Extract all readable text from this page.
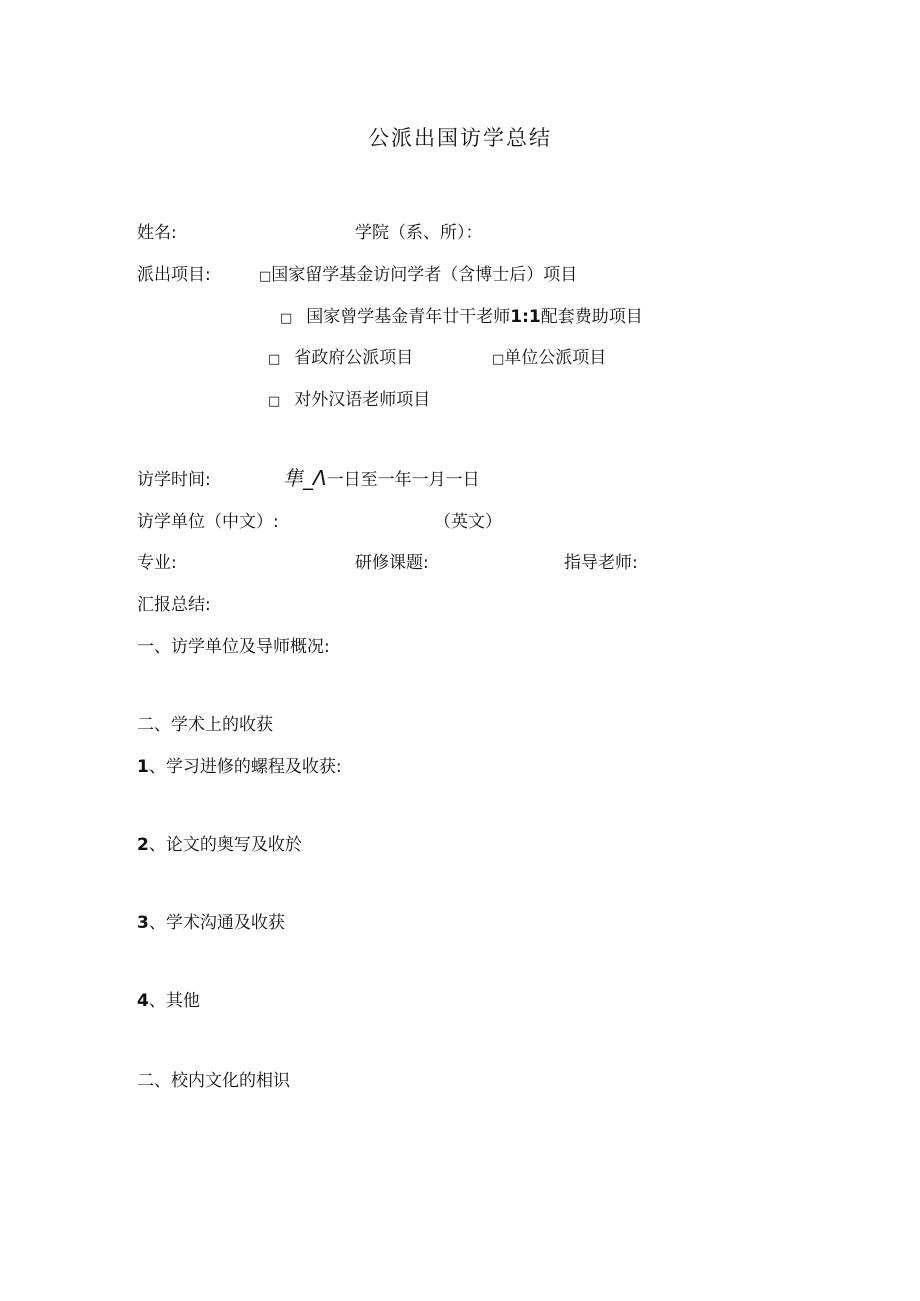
公派出国访学总结
姓名:	学院（系、所）：
派出项目:	□国家留学基金访问学者（含博士后）项目
□ 国家曾学基金青年廿干老师1:1配套费助项目
□ 省政府公派项目	□单位公派项目
□ 对外汉语老师项目
访学时间:	隼_Λ一日至一年一月一日
访学单位（中文）:	（英文）
专业:	研修课题:	指导老师:
汇报总结:
一、访学单位及导师概况:
二、学术上的收获
1、学习进修的螺程及收获:
2、论文的奥写及收於
3、学术沟通及收获
4、其他
二、校内文化的相识
